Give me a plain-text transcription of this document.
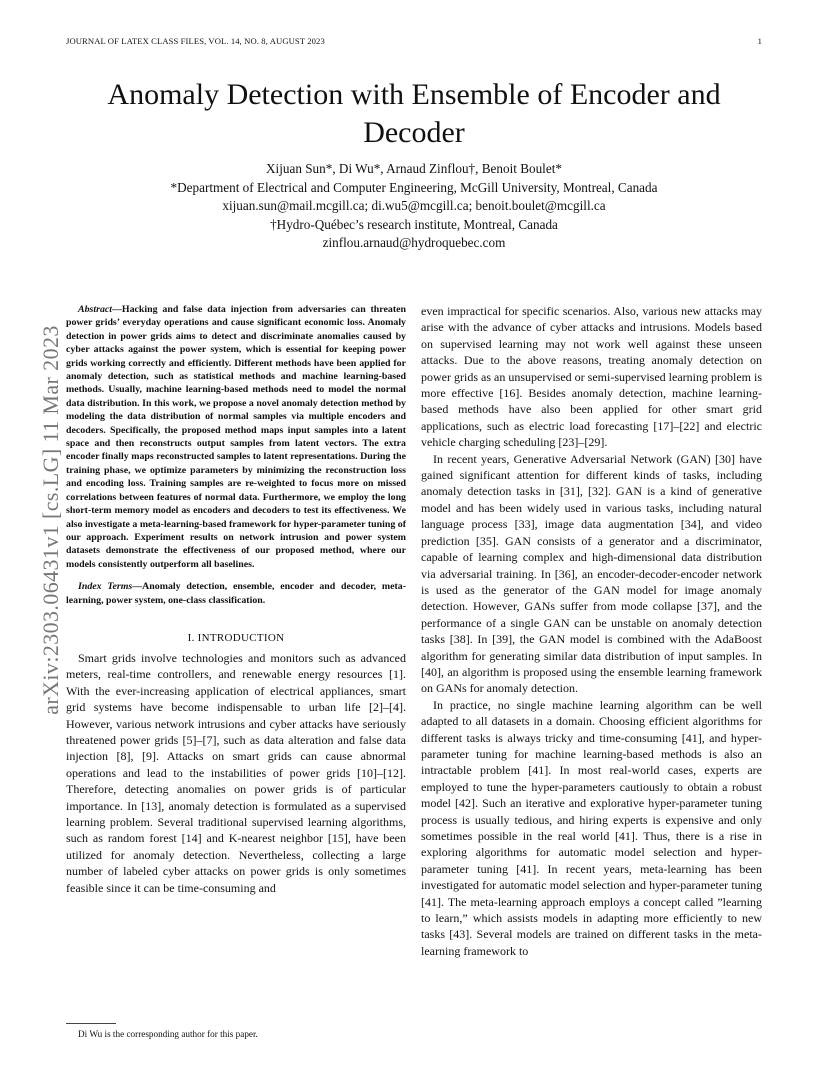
JOURNAL OF LATEX CLASS FILES, VOL. 14, NO. 8, AUGUST 2023	1
Anomaly Detection with Ensemble of Encoder and
Decoder
Xijuan Sun*, Di Wu*, Arnaud Zinflou†, Benoit Boulet*
*Department of Electrical and Computer Engineering, McGill University, Montreal, Canada
xijuan.sun@mail.mcgill.ca; di.wu5@mcgill.ca; benoit.boulet@mcgill.ca
†Hydro-Québec’s research institute, Montreal, Canada
zinflou.arnaud@hydroquebec.com
arXiv:2303.06431v1 [cs.LG] 11 Mar 2023

Abstract—Hacking and false data injection from adversaries can threaten power grids’ everyday operations and cause significant economic loss. Anomaly detection in power grids aims to detect and discriminate anomalies caused by cyber attacks against the power system, which is essential for keeping power grids working correctly and efficiently. Different methods have been applied for anomaly detection, such as statistical methods and machine learning-based methods. Usually, machine learning-based methods need to model the normal data distribution. In this work, we propose a novel anomaly detection method by modeling the data distribution of normal samples via multiple encoders and decoders. Specifically, the proposed method maps input samples into a latent space and then reconstructs output samples from latent vectors. The extra encoder finally maps reconstructed samples to latent representations. During the training phase, we optimize parameters by minimizing the reconstruction loss and encoding loss. Training samples are re-weighted to focus more on missed correlations between features of normal data. Furthermore, we employ the long short-term memory model as encoders and decoders to test its effectiveness. We also investigate a meta-learning-based framework for hyper-parameter tuning of our approach. Experiment results on network intrusion and power system datasets demonstrate the effectiveness of our proposed method, where our models consistently outperform all baselines.

Index Terms—Anomaly detection, ensemble, encoder and decoder, meta-learning, power system, one-class classification.

I. INTRODUCTION

Smart grids involve technologies and monitors such as advanced meters, real-time controllers, and renewable energy resources [1]. With the ever-increasing application of electrical appliances, smart grid systems have become indispensable to urban life [2]–[4]. However, various network intrusions and cyber attacks have seriously threatened power grids [5]–[7], such as data alteration and false data injection [8], [9]. Attacks on smart grids can cause abnormal operations and lead to the instabilities of power grids [10]–[12]. Therefore, detecting anomalies on power grids is of particular importance. In [13], anomaly detection is formulated as a supervised learning problem. Several traditional supervised learning algorithms, such as random forest [14] and K-nearest neighbor [15], have been utilized for anomaly detection. Nevertheless, collecting a large number of labeled cyber attacks on power grids is only sometimes feasible since it can be time-consuming and

even impractical for specific scenarios. Also, various new attacks may arise with the advance of cyber attacks and intrusions. Models based on supervised learning may not work well against these unseen attacks. Due to the above reasons, treating anomaly detection on power grids as an unsupervised or semi-supervised learning problem is more effective [16]. Besides anomaly detection, machine learning-based methods have also been applied for other smart grid applications, such as electric load forecasting [17]–[22] and electric vehicle charging scheduling [23]–[29].

In recent years, Generative Adversarial Network (GAN) [30] have gained significant attention for different kinds of tasks, including anomaly detection tasks in [31], [32]. GAN is a kind of generative model and has been widely used in various tasks, including natural language process [33], image data augmentation [34], and video prediction [35]. GAN consists of a generator and a discriminator, capable of learning complex and high-dimensional data distribution via adversarial training. In [36], an encoder-decoder-encoder network is used as the generator of the GAN model for image anomaly detection. However, GANs suffer from mode collapse [37], and the performance of a single GAN can be unstable on anomaly detection tasks [38]. In [39], the GAN model is combined with the AdaBoost algorithm for generating similar data distribution of input samples. In [40], an algorithm is proposed using the ensemble learning framework on GANs for anomaly detection.

In practice, no single machine learning algorithm can be well adapted to all datasets in a domain. Choosing efficient algorithms for different tasks is always tricky and time-consuming [41], and hyper-parameter tuning for machine learning-based methods is also an intractable problem [41]. In most real-world cases, experts are employed to tune the hyper-parameters cautiously to obtain a robust model [42]. Such an iterative and explorative hyper-parameter tuning process is usually tedious, and hiring experts is expensive and only sometimes possible in the real world [41]. Thus, there is a rise in exploring algorithms for automatic model selection and hyper-parameter tuning [41]. In recent years, meta-learning has been investigated for automatic model selection and hyper-parameter tuning [41]. The meta-learning approach employs a concept called ”learning to learn,” which assists models in adapting more efficiently to new tasks [43]. Several models are trained on different tasks in the meta-learning framework to

Di Wu is the corresponding author for this paper.
